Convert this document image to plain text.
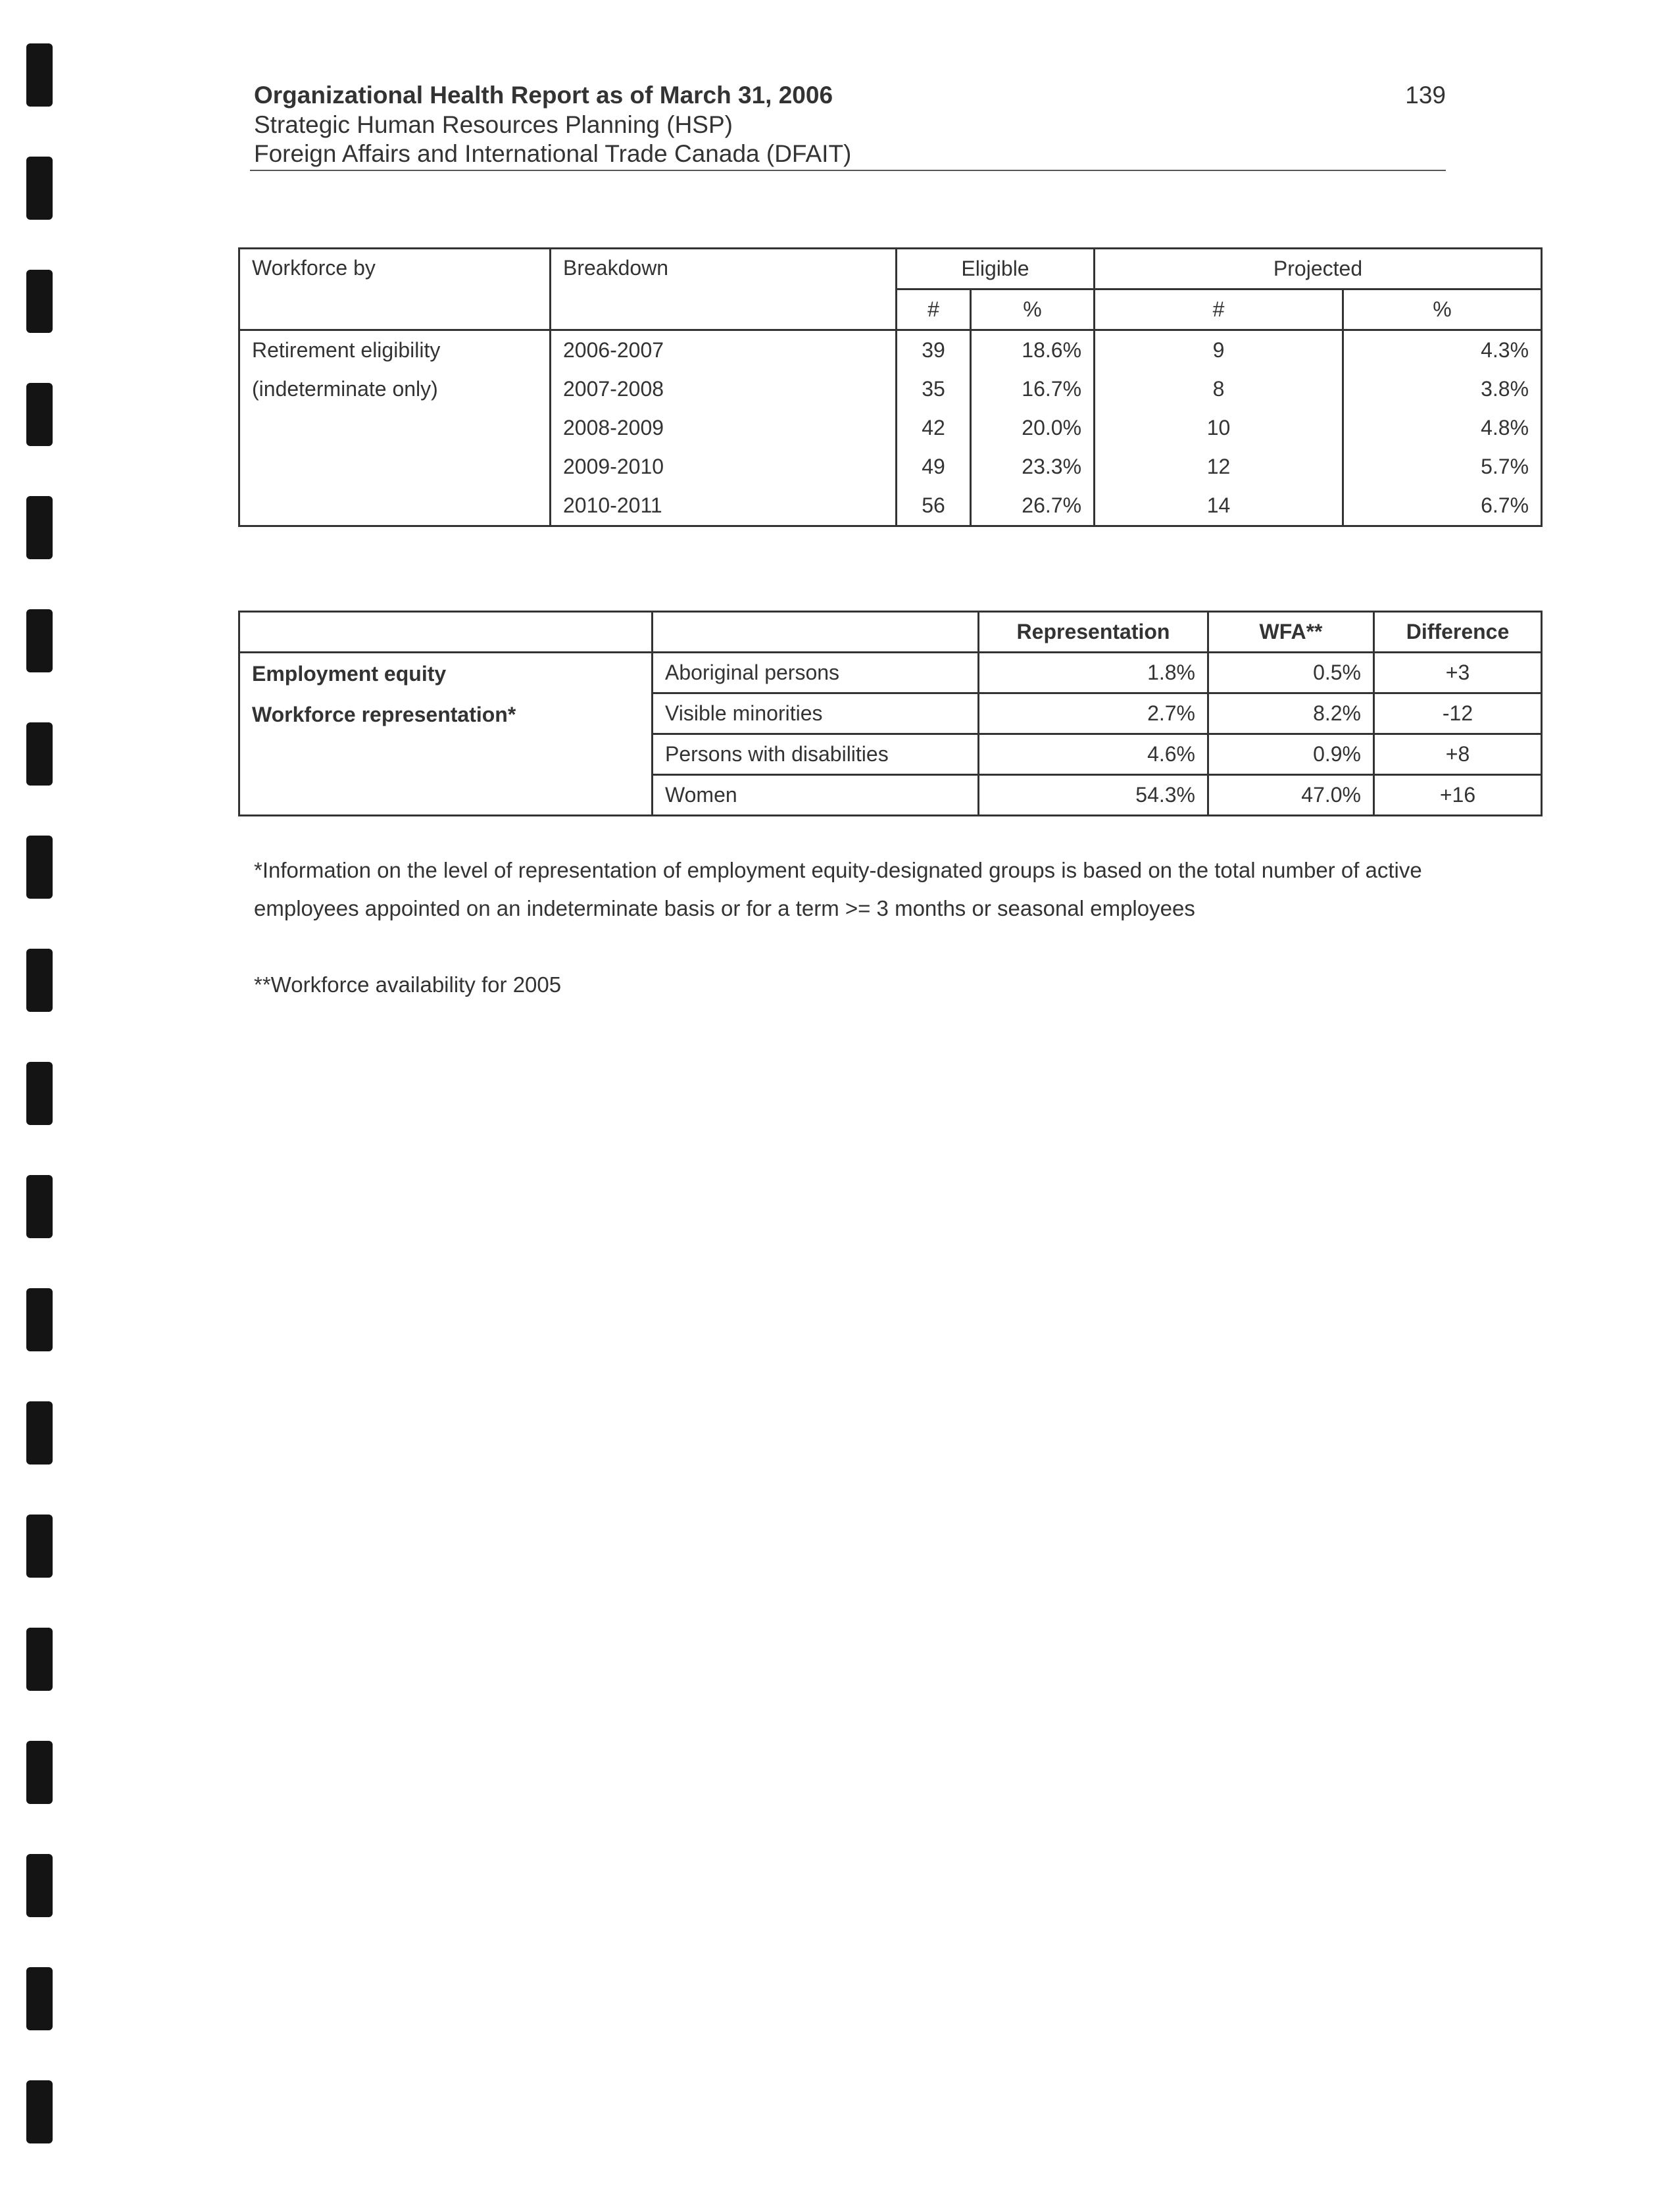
Organizational Health Report as of March 31, 2006
Strategic Human Resources Planning (HSP)
Foreign Affairs and International Trade Canada (DFAIT)
139
Workforce by	Breakdown	Eligible		Projected	
		#	%	#	%
Retirement eligibility	2006-2007	39	18.6%	9	4.3%
(indeterminate only)	2007-2008	35	16.7%	8	3.8%
	2008-2009	42	20.0%	10	4.8%
	2009-2010	49	23.3%	12	5.7%
	2010-2011	56	26.7%	14	6.7%
		Representation	WFA**	Difference

Employment equity
Workforce representation*	Aboriginal persons	1.8%	0.5%	+3
	Visible minorities	2.7%	8.2%	-12
	Persons with disabilities	4.6%	0.9%	+8
	Women	54.3%	47.0%	+16
*Information on the level of representation of employment equity-designated groups is based on the total number of active
employees appointed on an indeterminate basis or for a term >= 3 months or seasonal employees
**Workforce availability for 2005
